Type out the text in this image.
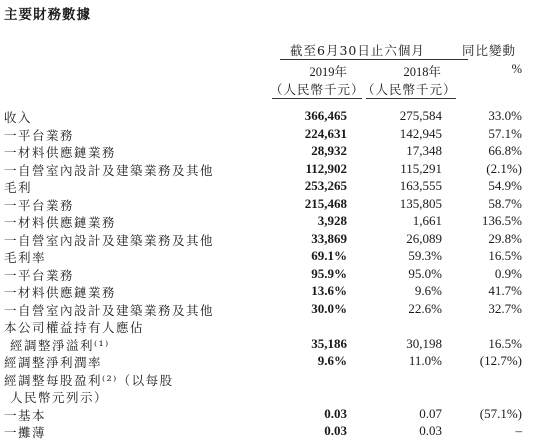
主要財務數據
截至6月30日止六個月	同比變動
2019年	2018年	%
（人民幣千元）
（人民幣千元）
收入	366,465	275,584	33.0%
一平台業務	224,631	142,945	57.1%
一材料供應鏈業務	28,932	17,348	66.8%
一自營室內設計及建築業務及其他	112,902	115,291	(2.1%)
毛利	253,265	163,555	54.9%
一平台業務	215,468	135,805	58.7%
一材料供應鏈業務	3,928	1,661	136.5%
一自營室內設計及建築業務及其他	33,869	26,089	29.8%
毛利率	69.1%	59.3%	16.5%
一平台業務	95.9%	95.0%	0.9%
一材料供應鏈業務	13.6%	9.6%	41.7%
一自營室內設計及建築業務及其他	30.0%	22.6%	32.7%
本公司權益持有人應佔
經調整淨溢利⁽¹⁾	35,186	30,198	16.5%
經調整淨利潤率	9.6%	11.0%	(12.7%)
經調整每股盈利⁽²⁾（以每股
人民幣元列示）
一基本	0.03	0.07	(57.1%)
一攤薄	0.03	0.03	–
